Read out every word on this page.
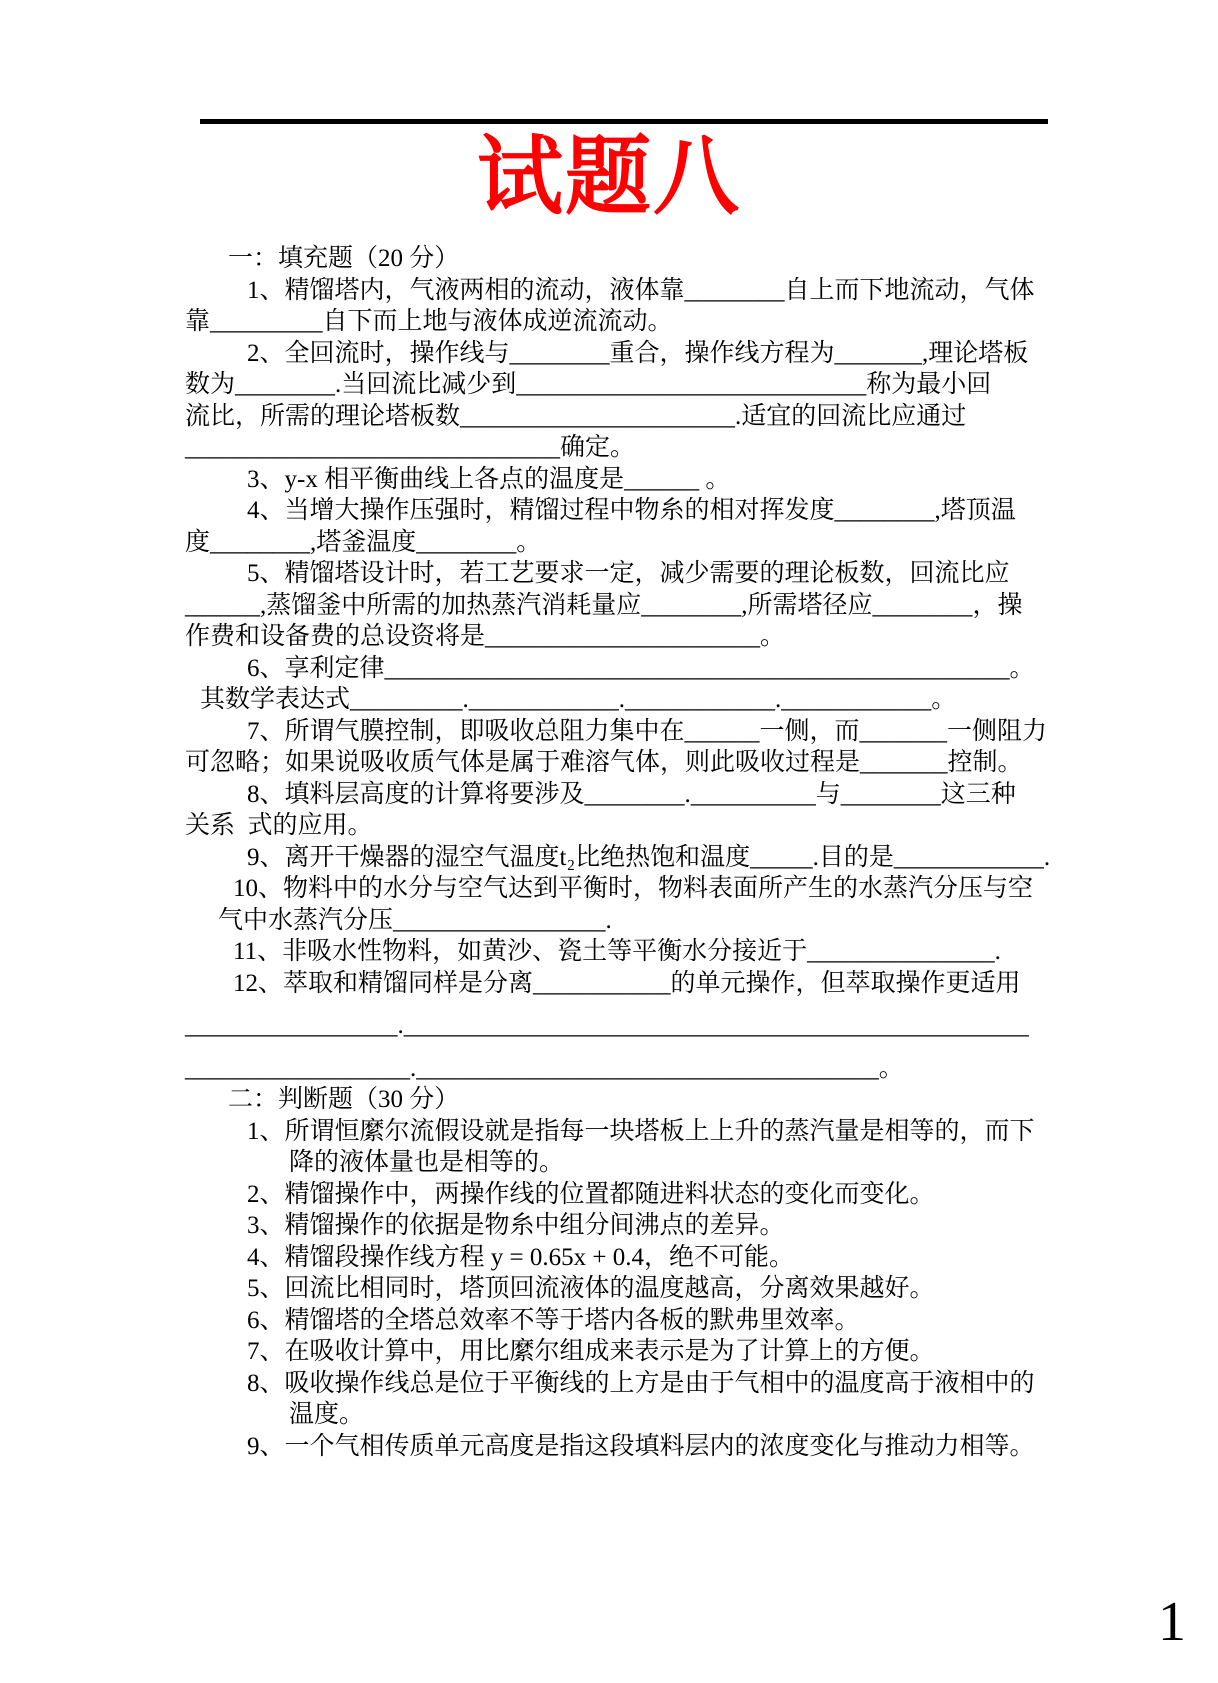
试题八
一：填充题（20 分）
1、精馏塔内，气液两相的流动，液体靠________自上而下地流动，气体
靠_________自下而上地与液体成逆流流动。
2、全回流时，操作线与________重合，操作线方程为_______,理论塔板
数为________.当回流比减少到____________________________称为最小回
流比，所需的理论塔板数______________________.适宜的回流比应通过
______________________________确定。
3、y-x 相平衡曲线上各点的温度是______ 。
4、当增大操作压强时，精馏过程中物糸的相对挥发度________,塔顶温
度________,塔釜温度________。
5、精馏塔设计时，若工艺要求一定，减少需要的理论板数，回流比应
______,蒸馏釜中所需的加热蒸汽消耗量应________,所需塔径应________，操
作费和设备费的总设资将是______________________。
6、享利定律__________________________________________________。
其数学表达式_________.____________.____________.____________。
7、所谓气膜控制，即吸收总阻力集中在______一侧，而_______一侧阻力
可忽略；如果说吸收质气体是属于难溶气体，则此吸收过程是_______控制。
8、填料层高度的计算将要涉及________.__________与________这三种
关系  式的应用。
9、离开干燥器的湿空气温度t₂比绝热饱和温度_____.目的是____________.
10、物料中的水分与空气达到平衡时，物料表面所产生的水蒸汽分压与空
气中水蒸汽分压_________________.
11、非吸水性物料，如黄沙、瓷土等平衡水分接近于_______________.
12、萃取和精馏同样是分离___________的单元操作，但萃取操作更适用
_________________.__________________________________________________
__________________._____________________________________。
二：判断题（30 分）
1、所谓恒縻尔流假设就是指每一块塔板上上升的蒸汽量是相等的，而下
降的液体量也是相等的。
2、精馏操作中，两操作线的位置都随进料状态的变化而变化。
3、精馏操作的依据是物糸中组分间沸点的差异。
4、精馏段操作线方程 y = 0.65x + 0.4，绝不可能。
5、回流比相同时，塔顶回流液体的温度越高，分离效果越好。
6、精馏塔的全塔总效率不等于塔内各板的默弗里效率。
7、在吸收计算中，用比縻尔组成来表示是为了计算上的方便。
8、吸收操作线总是位于平衡线的上方是由于气相中的温度高于液相中的
温度。
9、一个气相传质单元高度是指这段填料层内的浓度变化与推动力相等。
1
